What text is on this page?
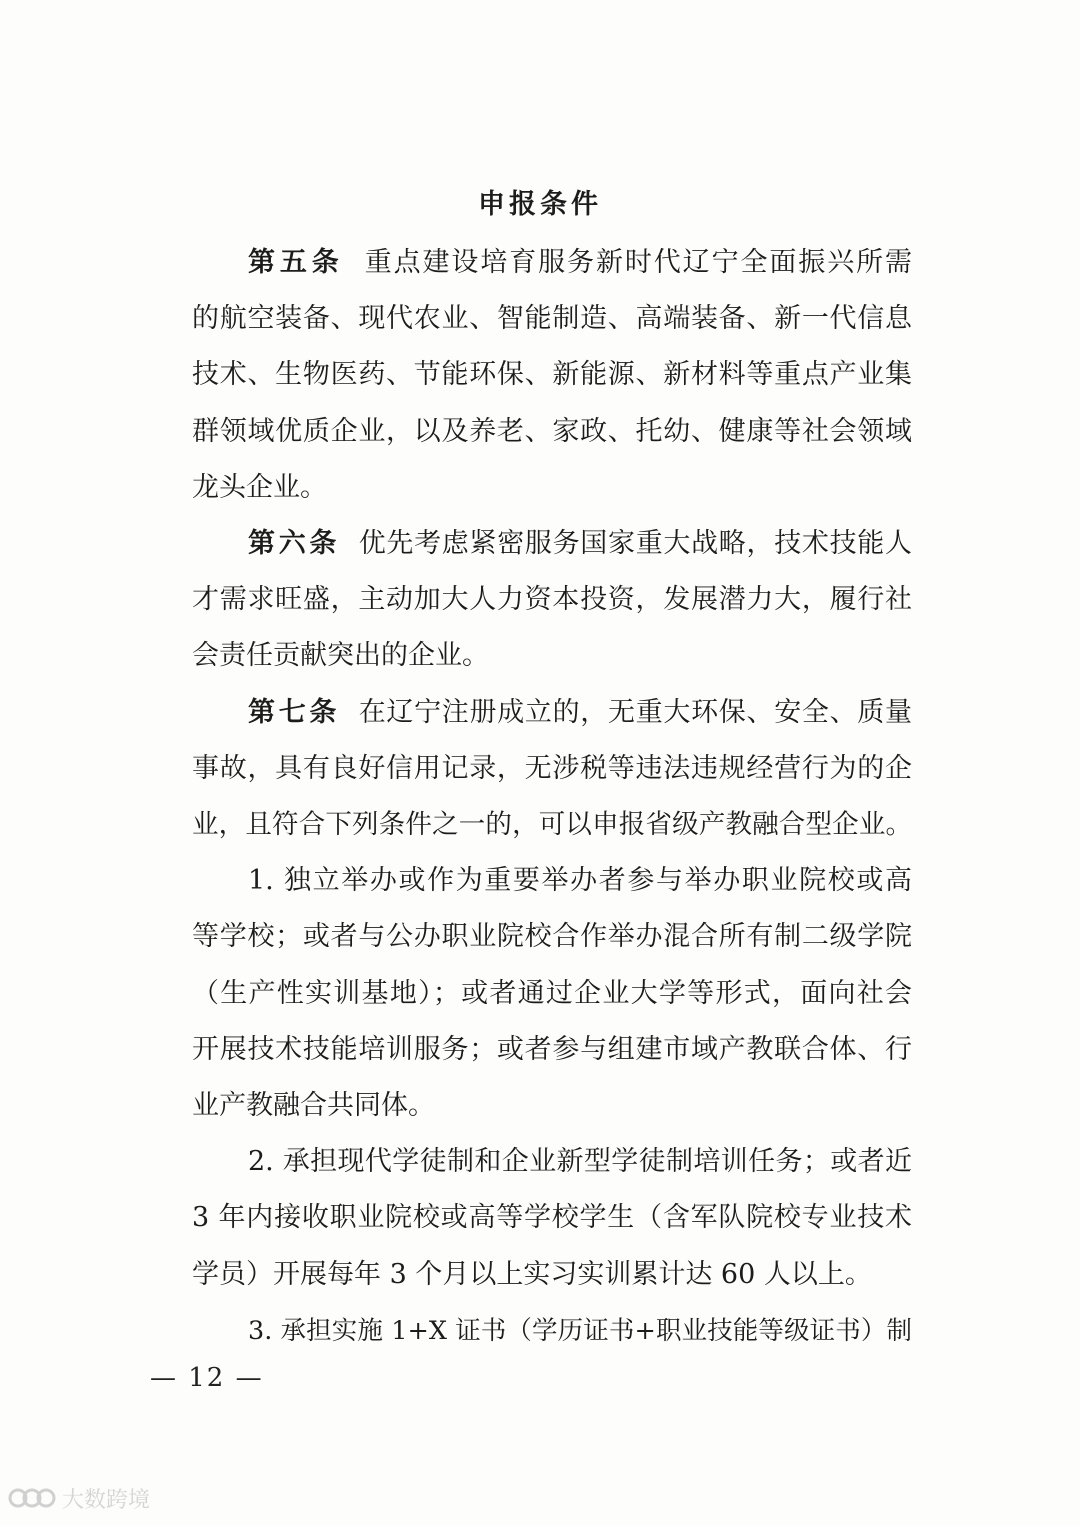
申报条件
第五条 重点建设培育服务新时代辽宁全面振兴所需
的航空装备、现代农业、智能制造、高端装备、新一代信息
技术、生物医药、节能环保、新能源、新材料等重点产业集
群领域优质企业，以及养老、家政、托幼、健康等社会领域
龙头企业。
第六条 优先考虑紧密服务国家重大战略，技术技能人
才需求旺盛，主动加大人力资本投资，发展潜力大，履行社
会责任贡献突出的企业。
第七条 在辽宁注册成立的，无重大环保、安全、质量
事故，具有良好信用记录，无涉税等违法违规经营行为的企
业，且符合下列条件之一的，可以申报省级产教融合型企业。
1. 独立举办或作为重要举办者参与举办职业院校或高
等学校；或者与公办职业院校合作举办混合所有制二级学院
（生产性实训基地）；或者通过企业大学等形式，面向社会
开展技术技能培训服务；或者参与组建市域产教联合体、行
业产教融合共同体。
2. 承担现代学徒制和企业新型学徒制培训任务；或者近
3 年内接收职业院校或高等学校学生（含军队院校专业技术
学员）开展每年 3 个月以上实习实训累计达 60 人以上。
3. 承担实施 1+X 证书（学历证书+职业技能等级证书）制
— 12 —
大数跨境
